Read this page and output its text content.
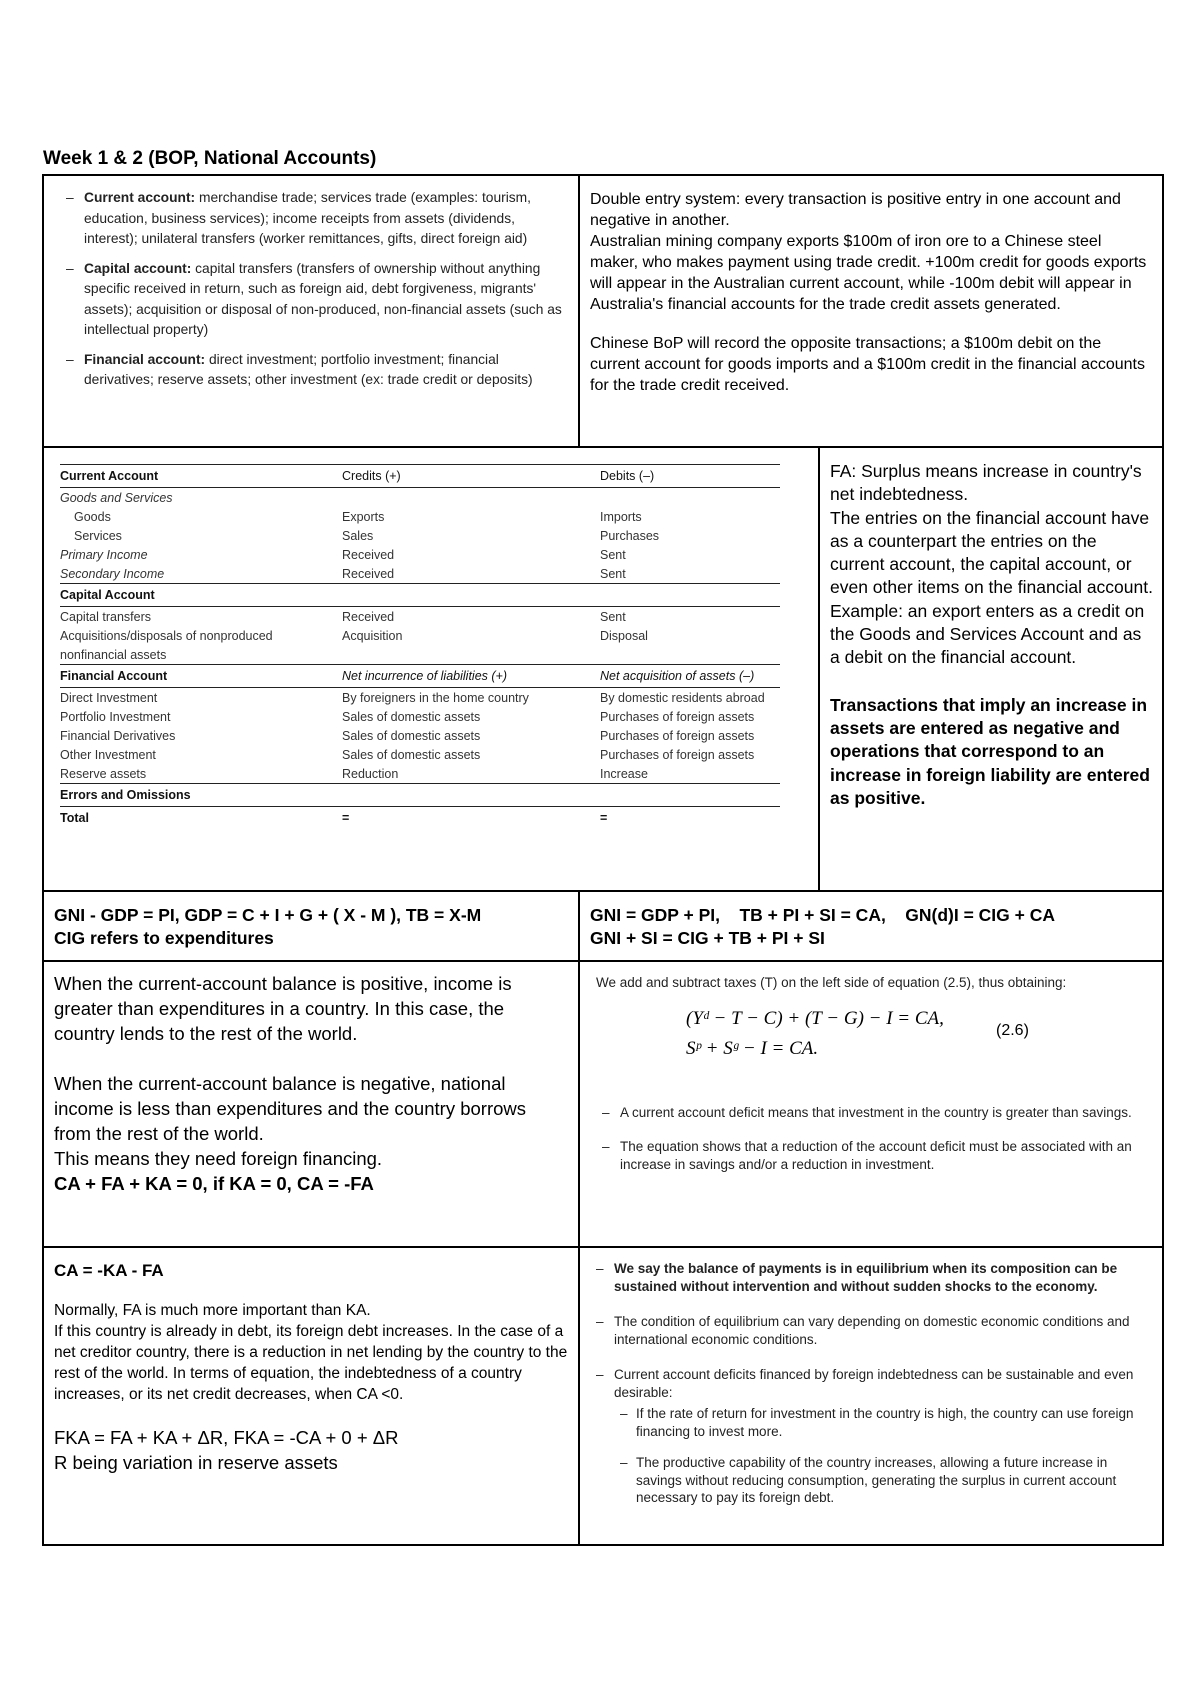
Week 1 & 2 (BOP, National Accounts)
– Current account: merchandise trade; services trade (examples: tourism, education, business services); income receipts from assets (dividends, interest); unilateral transfers (worker remittances, gifts, direct foreign aid)
– Capital account: capital transfers (transfers of ownership without anything specific received in return, such as foreign aid, debt forgiveness, migrants' assets); acquisition or disposal of non-produced, non-financial assets (such as intellectual property)
– Financial account: direct investment; portfolio investment; financial derivatives; reserve assets; other investment (ex: trade credit or deposits)
Double entry system: every transaction is positive entry in one account and negative in another.
Australian mining company exports $100m of iron ore to a Chinese steel maker, who makes payment using trade credit. +100m credit for goods exports will appear in the Australian current account, while -100m debit will appear in Australia's financial accounts for the trade credit assets generated.
Chinese BoP will record the opposite transactions; a $100m debit on the current account for goods imports and a $100m credit in the financial accounts for the trade credit received.
Current Account	Credits (+)	Debits (–)
Goods and Services		
Goods	Exports	Imports
Services	Sales	Purchases
Primary Income	Received	Sent
Secondary Income	Received	Sent
Capital Account		
Capital transfers	Received	Sent
Acquisitions/disposals of nonproduced	Acquisition	Disposal
nonfinancial assets		
Financial Account	Net incurrence of liabilities (+)	Net acquisition of assets (–)
Direct Investment	By foreigners in the home country	By domestic residents abroad
Portfolio Investment	Sales of domestic assets	Purchases of foreign assets
Financial Derivatives	Sales of domestic assets	Purchases of foreign assets
Other Investment	Sales of domestic assets	Purchases of foreign assets
Reserve assets	Reduction	Increase
Errors and Omissions		
Total	=	=
FA: Surplus means increase in country's net indebtedness.
The entries on the financial account have as a counterpart the entries on the current account, the capital account, or even other items on the financial account.
Example: an export enters as a credit on the Goods and Services Account and as a debit on the financial account.
Transactions that imply an increase in assets are entered as negative and operations that correspond to an increase in foreign liability are entered as positive.
GNI - GDP = PI, GDP = C + I + G + ( X - M ), TB = X-M
CIG refers to expenditures
GNI = GDP + PI,    TB + PI + SI = CA,    GN(d)I = CIG + CA
GNI + SI = CIG + TB + PI + SI
When the current-account balance is positive, income is greater than expenditures in a country. In this case, the country lends to the rest of the world.
When the current-account balance is negative, national income is less than expenditures and the country borrows from the rest of the world.
This means they need foreign financing.
CA + FA + KA = 0, if KA = 0, CA = -FA
We add and subtract taxes (T) on the left side of equation (2.5), thus obtaining:
(Yᵈ − T − C) + (T − G) − I = CA,
Sᵖ + Sᵍ − I = CA.
(2.6)
– A current account deficit means that investment in the country is greater than savings.
– The equation shows that a reduction of the account deficit must be associated with an increase in savings and/or a reduction in investment.
CA = -KA - FA
Normally, FA is much more important than KA.
If this country is already in debt, its foreign debt increases. In the case of a net creditor country, there is a reduction in net lending by the country to the rest of the world. In terms of equation, the indebtedness of a country increases, or its net credit decreases, when CA <0.
FKA = FA + KA + ΔR, FKA = -CA + 0 + ΔR
R being variation in reserve assets
– We say the balance of payments is in equilibrium when its composition can be sustained without intervention and without sudden shocks to the economy.
– The condition of equilibrium can vary depending on domestic economic conditions and international economic conditions.
– Current account deficits financed by foreign indebtedness can be sustainable and even desirable:
– If the rate of return for investment in the country is high, the country can use foreign financing to invest more.
– The productive capability of the country increases, allowing a future increase in savings without reducing consumption, generating the surplus in current account necessary to pay its foreign debt.
